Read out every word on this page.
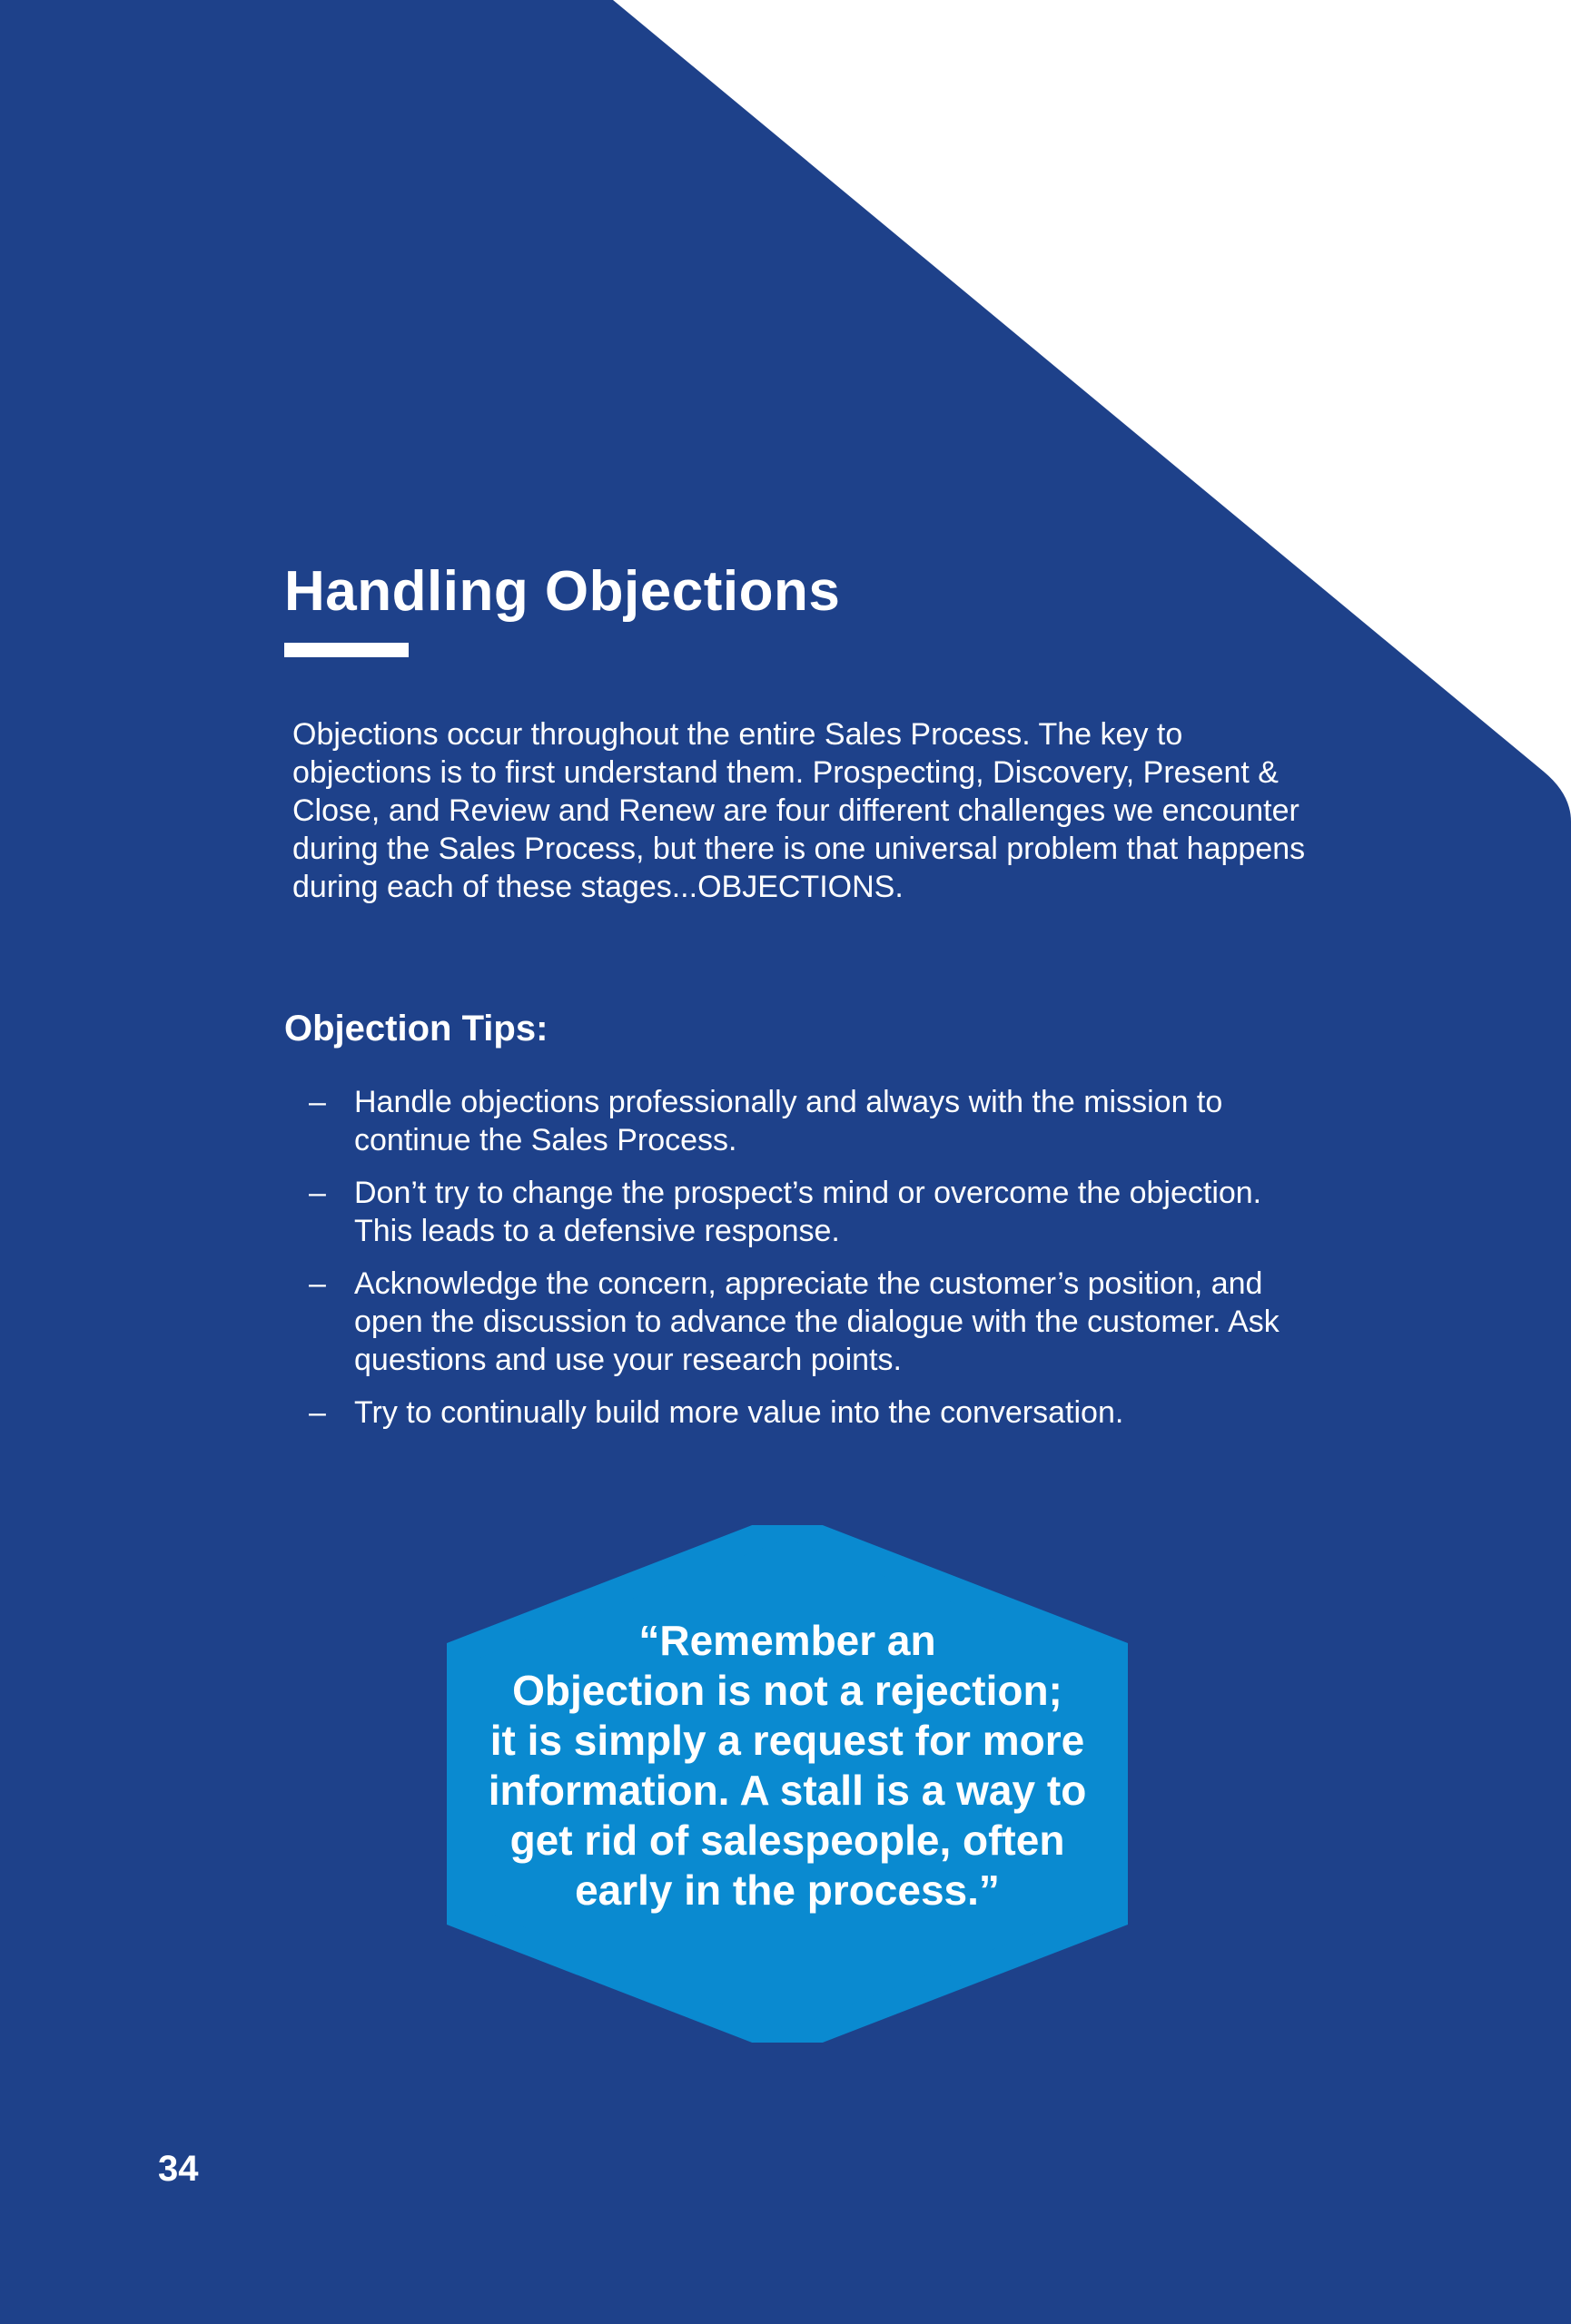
Handling Objections

Objections occur throughout the entire Sales Process. The key to objections is to first understand them. Prospecting, Discovery, Present & Close, and Review and Renew are four different challenges we encounter during the Sales Process, but there is one universal problem that happens during each of these stages...OBJECTIONS.

Objection Tips:
– Handle objections professionally and always with the mission to continue the Sales Process.
– Don’t try to change the prospect’s mind or overcome the objection. This leads to a defensive response.
– Acknowledge the concern, appreciate the customer’s position, and open the discussion to advance the dialogue with the customer. Ask questions and use your research points.
– Try to continually build more value into the conversation.

“Remember an
Objection is not a rejection;
it is simply a request for more
information. A stall is a way to
get rid of salespeople, often
early in the process.”

34
